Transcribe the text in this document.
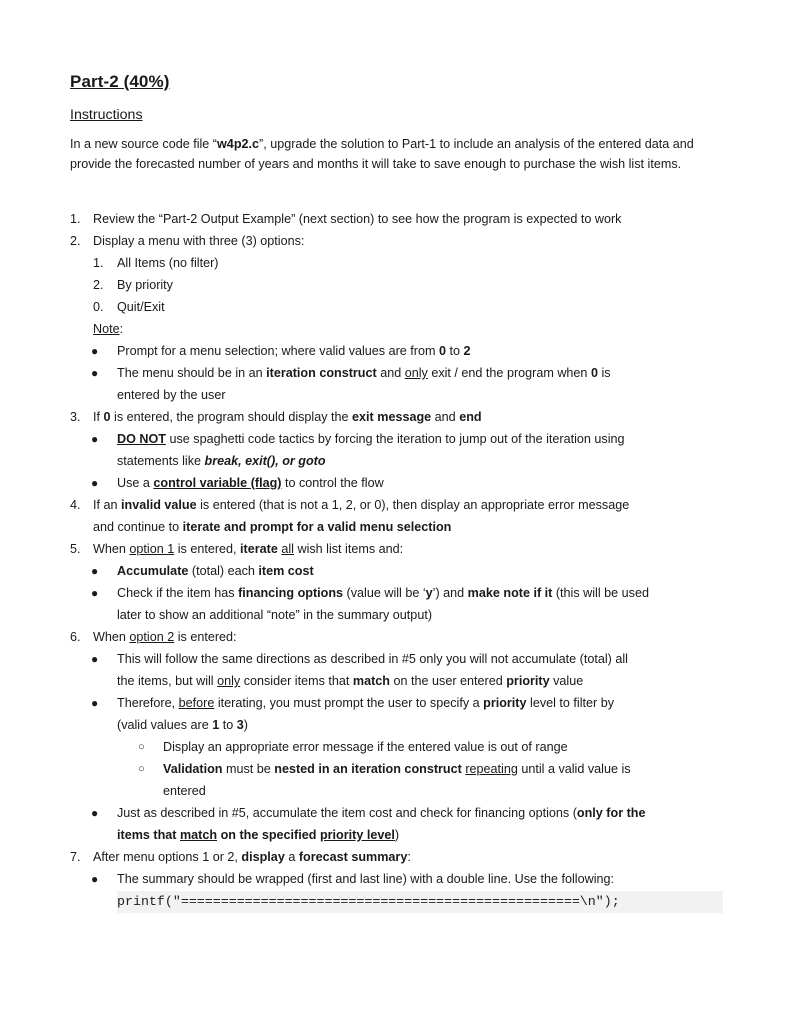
Part-2 (40%)
Instructions
In a new source code file “w4p2.c”, upgrade the solution to Part-1 to include an analysis of the entered data and provide the forecasted number of years and months it will take to save enough to purchase the wish list items.
1. Review the “Part-2 Output Example” (next section) to see how the program is expected to work
2. Display a menu with three (3) options:
1. All Items (no filter)
2. By priority
0. Quit/Exit
Note:
● Prompt for a menu selection; where valid values are from 0 to 2
● The menu should be in an iteration construct and only exit / end the program when 0 is
entered by the user
3. If 0 is entered, the program should display the exit message and end
● DO NOT use spaghetti code tactics by forcing the iteration to jump out of the iteration using
statements like break, exit(), or goto
● Use a control variable (flag) to control the flow
4. If an invalid value is entered (that is not a 1, 2, or 0), then display an appropriate error message
and continue to iterate and prompt for a valid menu selection
5. When option 1 is entered, iterate all wish list items and:
● Accumulate (total) each item cost
● Check if the item has financing options (value will be ‘y’) and make note if it (this will be used
later to show an additional “note” in the summary output)
6. When option 2 is entered:
● This will follow the same directions as described in #5 only you will not accumulate (total) all
the items, but will only consider items that match on the user entered priority value
● Therefore, before iterating, you must prompt the user to specify a priority level to filter by
(valid values are 1 to 3)
○ Display an appropriate error message if the entered value is out of range
○ Validation must be nested in an iteration construct repeating until a valid value is
entered
● Just as described in #5, accumulate the item cost and check for financing options (only for the
items that match on the specified priority level)
7. After menu options 1 or 2, display a forecast summary:
● The summary should be wrapped (first and last line) with a double line. Use the following:
printf("==================================================\n");
